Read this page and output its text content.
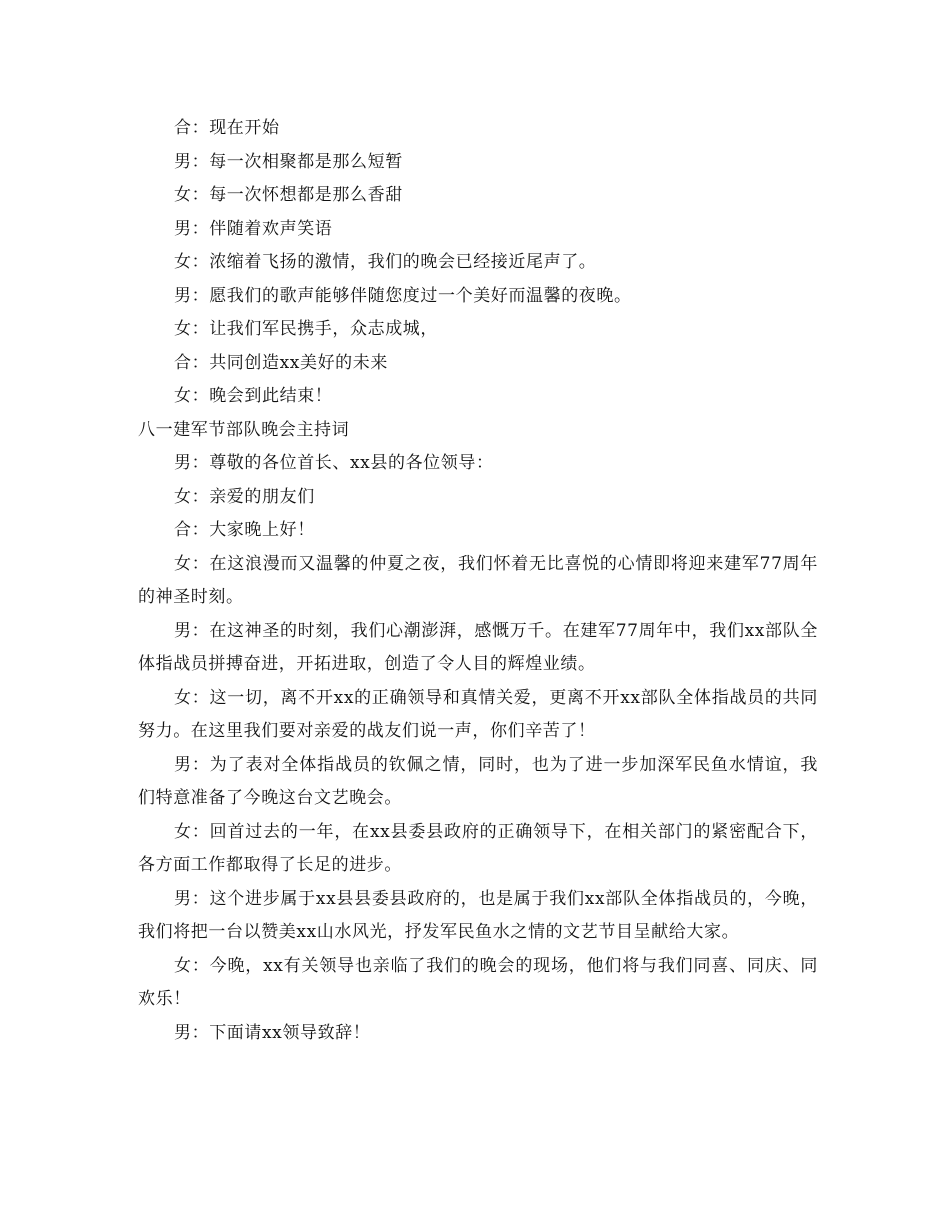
合：现在开始

男：每一次相聚都是那么短暂

女：每一次怀想都是那么香甜

男：伴随着欢声笑语

女：浓缩着飞扬的激情，我们的晚会已经接近尾声了。

男：愿我们的歌声能够伴随您度过一个美好而温馨的夜晚。

女：让我们军民携手，众志成城，

合：共同创造xx美好的未来

女：晚会到此结束！

八一建军节部队晚会主持词

男：尊敬的各位首长、xx县的各位领导：

女：亲爱的朋友们

合：大家晚上好！

女：在这浪漫而又温馨的仲夏之夜，我们怀着无比喜悦的心情即将迎来建军77周年的神圣时刻。

男：在这神圣的时刻，我们心潮澎湃，感慨万千。在建军77周年中，我们xx部队全体指战员拼搏奋进，开拓进取，创造了令人目的辉煌业绩。

女：这一切，离不开xx的正确领导和真情关爱，更离不开xx部队全体指战员的共同努力。在这里我们要对亲爱的战友们说一声，你们辛苦了！

男：为了表对全体指战员的钦佩之情，同时，也为了进一步加深军民鱼水情谊，我们特意准备了今晚这台文艺晚会。

女：回首过去的一年，在xx县委县政府的正确领导下，在相关部门的紧密配合下，各方面工作都取得了长足的进步。

男：这个进步属于xx县县委县政府的，也是属于我们xx部队全体指战员的，今晚，我们将把一台以赞美xx山水风光，抒发军民鱼水之情的文艺节目呈献给大家。

女：今晚，xx有关领导也亲临了我们的晚会的现场，他们将与我们同喜、同庆、同欢乐！

男：下面请xx领导致辞！
